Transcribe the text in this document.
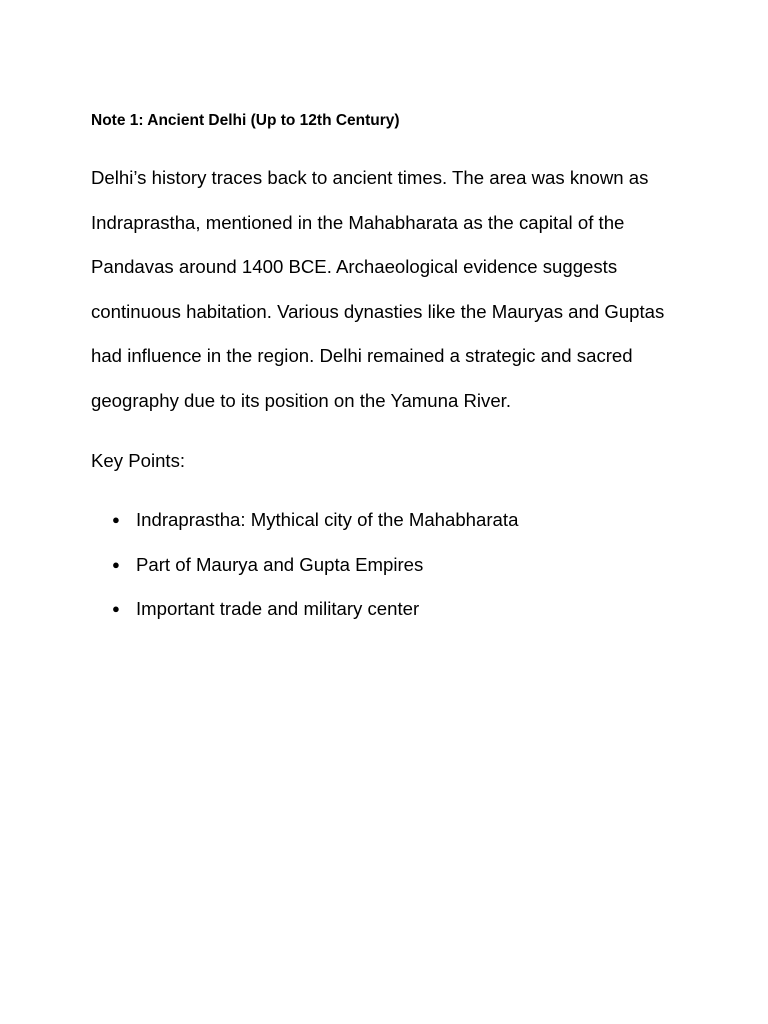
Note 1: Ancient Delhi (Up to 12th Century)

Delhi’s history traces back to ancient times. The area was known as
Indraprastha, mentioned in the Mahabharata as the capital of the
Pandavas around 1400 BCE. Archaeological evidence suggests
continuous habitation. Various dynasties like the Mauryas and Guptas
had influence in the region. Delhi remained a strategic and sacred
geography due to its position on the Yamuna River.

Key Points:

● Indraprastha: Mythical city of the Mahabharata
● Part of Maurya and Gupta Empires
● Important trade and military center
